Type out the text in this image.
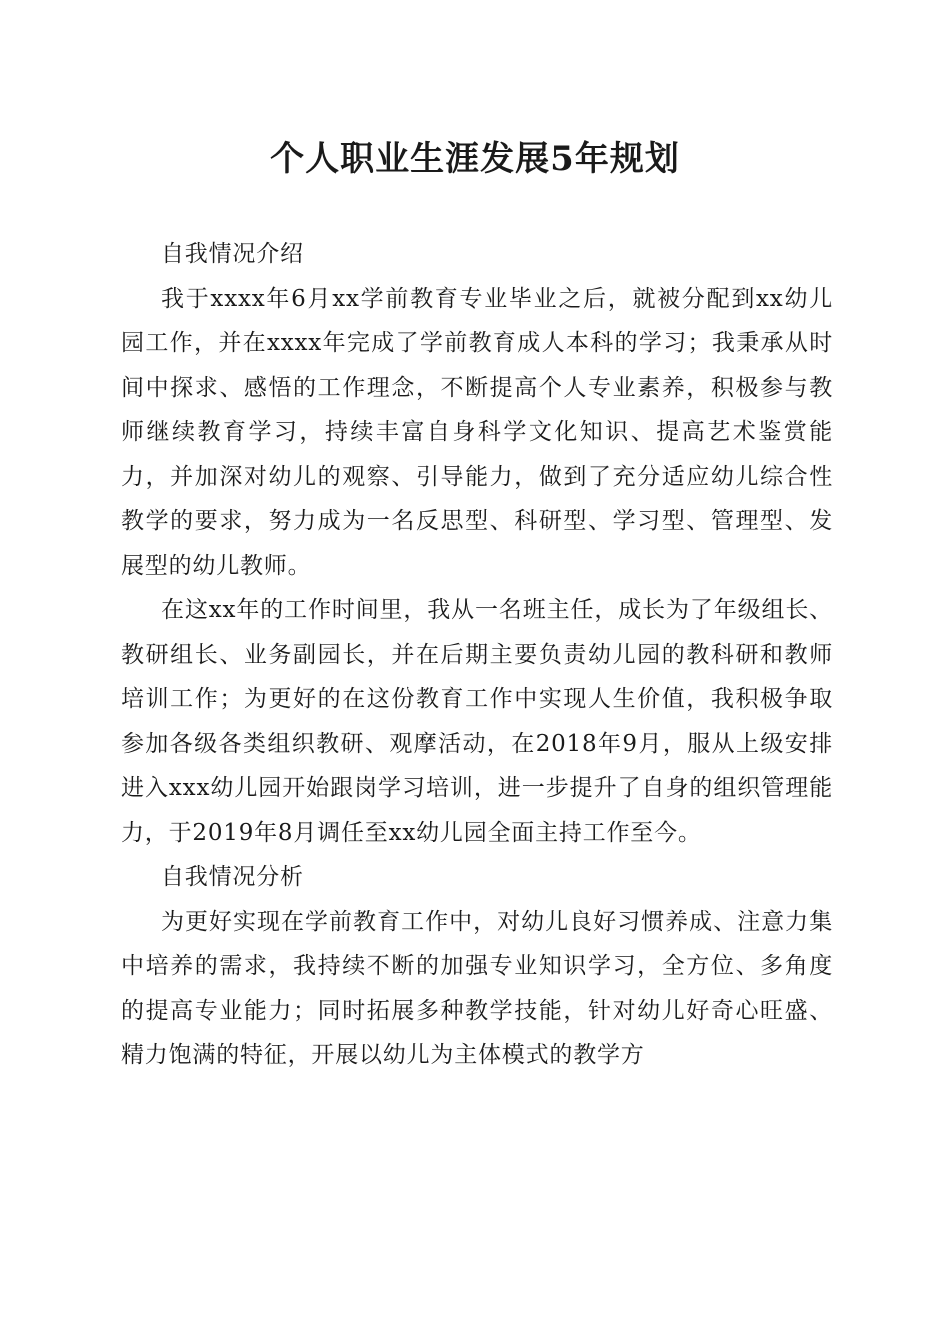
个人职业生涯发展5年规划

自我情况介绍

我于xxxx年6月xx学前教育专业毕业之后，就被分配到xx幼儿园工作，并在xxxx年完成了学前教育成人本科的学习；我秉承从时间中探求、感悟的工作理念，不断提高个人专业素养，积极参与教师继续教育学习，持续丰富自身科学文化知识、提高艺术鉴赏能力，并加深对幼儿的观察、引导能力，做到了充分适应幼儿综合性教学的要求，努力成为一名反思型、科研型、学习型、管理型、发展型的幼儿教师。

在这xx年的工作时间里，我从一名班主任，成长为了年级组长、教研组长、业务副园长，并在后期主要负责幼儿园的教科研和教师培训工作；为更好的在这份教育工作中实现人生价值，我积极争取参加各级各类组织教研、观摩活动，在2018年9月，服从上级安排进入xxx幼儿园开始跟岗学习培训，进一步提升了自身的组织管理能力，于2019年8月调任至xx幼儿园全面主持工作至今。

自我情况分析

为更好实现在学前教育工作中，对幼儿良好习惯养成、注意力集中培养的需求，我持续不断的加强专业知识学习，全方位、多角度的提高专业能力；同时拓展多种教学技能，针对幼儿好奇心旺盛、精力饱满的特征，开展以幼儿为主体模式的教学方
